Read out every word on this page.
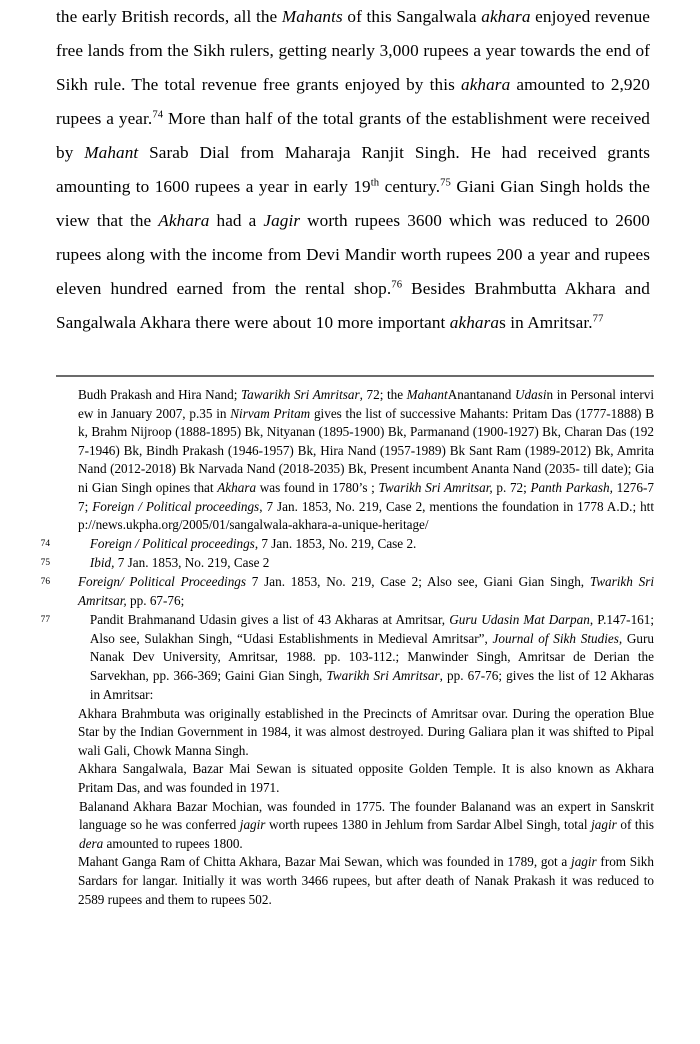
the early British records, all the Mahants of this Sangalwala akhara enjoyed revenue free lands from the Sikh rulers, getting nearly 3,000 rupees a year towards the end of Sikh rule. The total revenue free grants enjoyed by this akhara amounted to 2,920 rupees a year.$^{74}$ More than half of the total grants of the establishment were received by Mahant Sarab Dial from Maharaja Ranjit Singh. He had received grants amounting to 1600 rupees a year in early 19th century.$^{75}$ Giani Gian Singh holds the view that the Akhara had a Jagir worth rupees 3600 which was reduced to 2600 rupees along with the income from Devi Mandir worth rupees 200 a year and rupees eleven hundred earned from the rental shop.$^{76}$ Besides Brahmbutta Akhara and Sangalwala Akhara there were about 10 more important akharas in Amritsar.$^{77}$

Budh Prakash and Hira Nand; Tawarikh Sri Amritsar, 72; the MahantAnantanand Udasin in Personal interview in January 2007, p.35 in Nirvam Pritam gives the list of successive Mahants: Pritam Das (1777-1888) Bk, Brahm Nijroop (1888-1895) Bk, Nityanan (1895-1900) Bk, Parmanand (1900-1927) Bk, Charan Das (1927-1946) Bk, Bindh Prakash (1946-1957) Bk, Hira Nand (1957-1989) Bk Sant Ram (1989-2012) Bk, Amrita Nand (2012-2018) Bk Narvada Nand (2018-2035) Bk, Present incumbent Ananta Nand (2035- till date); Giani Gian Singh opines that Akhara was found in 1780’s ; Twarikh Sri Amritsar, p. 72; Panth Parkash, 1276-77; Foreign / Political proceedings, 7 Jan. 1853, No. 219, Case 2, mentions the foundation in 1778 A.D.; http://news.ukpha.org/2005/01/sangalwala-akhara-a-unique-heritage/
74	Foreign / Political proceedings, 7 Jan. 1853, No. 219, Case 2.
75	Ibid, 7 Jan. 1853, No. 219, Case 2
76 Foreign/ Political Proceedings 7 Jan. 1853, No. 219, Case 2; Also see, Giani Gian Singh, Twarikh Sri Amritsar, pp. 67-76;
77	Pandit Brahmanand Udasin gives a list of 43 Akharas at Amritsar, Guru Udasin Mat Darpan, P.147-161; Also see, Sulakhan Singh, “Udasi Establishments in Medieval Amritsar”, Journal of Sikh Studies, Guru Nanak Dev University, Amritsar, 1988. pp. 103-112.; Manwinder Singh, Amritsar de Derian the Sarvekhan, pp. 366-369; Gaini Gian Singh, Twarikh Sri Amritsar, pp. 67-76; gives the list of 12 Akharas in Amritsar:

Akhara Brahmbuta was originally established in the Precincts of Amritsar ovar. During the operation Blue Star by the Indian Government in 1984, it was almost destroyed. During Galiara plan it was shifted to Pipal wali Gali, Chowk Manna Singh.

Akhara Sangalwala, Bazar Mai Sewan is situated opposite Golden Temple. It is also known as Akhara Pritam Das, and was founded in 1971.

Balanand Akhara Bazar Mochian, was founded in 1775. The founder Balanand was an expert in Sanskrit language so he was conferred jagir worth rupees 1380 in Jehlum from Sardar Albel Singh, total jagir of this dera amounted to rupees 1800.

Mahant Ganga Ram of Chitta Akhara, Bazar Mai Sewan, which was founded in 1789, got a jagir from Sikh Sardars for langar. Initially it was worth 3466 rupees, but after death of Nanak Prakash it was reduced to 2589 rupees and them to rupees 502.
